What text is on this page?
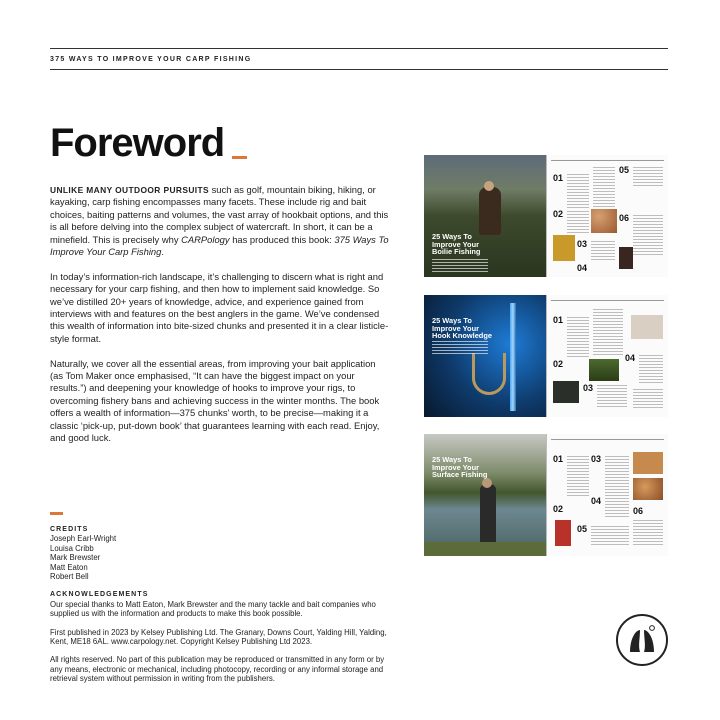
375 WAYS TO IMPROVE YOUR CARP FISHING
Foreword

UNLIKE MANY OUTDOOR PURSUITS such as golf, mountain biking, hiking, or kayaking, carp fishing encompasses many facets. These include rig and bait choices, baiting patterns and volumes, the vast array of hookbait options, and this is all before delving into the complex subject of watercraft. In short, it can be a minefield. This is precisely why CARPology has produced this book: 375 Ways To Improve Your Carp Fishing.

In today’s information-rich landscape, it’s challenging to discern what is right and necessary for your carp fishing, and then how to implement said knowledge. So we’ve distilled 20+ years of knowledge, advice, and experience gained from interviews with and features on the best anglers in the game. We’ve condensed this wealth of information into bite-sized chunks and presented it in a clear listicle-style format.

Naturally, we cover all the essential areas, from improving your bait application (as Tom Maker once emphasised, “It can have the biggest impact on your results.”) and deepening your knowledge of hooks to improve your rigs, to overcoming fishery bans and achieving success in the winter months. The book offers a wealth of information—375 chunks’ worth, to be precise—making it a classic ‘pick-up, put-down book’ that guarantees learning with each read. Enjoy, and good luck.

CREDITS
Joseph Earl-Wright
Louisa Cribb
Mark Brewster
Matt Eaton
Robert Bell
ACKNOWLEDGEMENTS
Our special thanks to Matt Eaton, Mark Brewster and the many tackle and bait companies who supplied us with the information and products to make this book possible.
First published in 2023 by Kelsey Publishing Ltd. The Granary, Downs Court, Yalding Hill, Yalding, Kent, ME18 6AL. www.carpology.net. Copyright Kelsey Publishing Ltd 2023.
All rights reserved. No part of this publication may be reproduced or transmitted in any form or by any means, electronic or mechanical, including photocopy, recording or any informal storage and retrieval system without permission in writing from the publishers.
25 Ways To Improve Your Boilie Fishing
01
05
02	06
03
04
25 Ways To Improve Your Hook Knowledge
01
02
04
03
25 Ways To Improve Your Surface Fishing
01	03
04
06
02
05
